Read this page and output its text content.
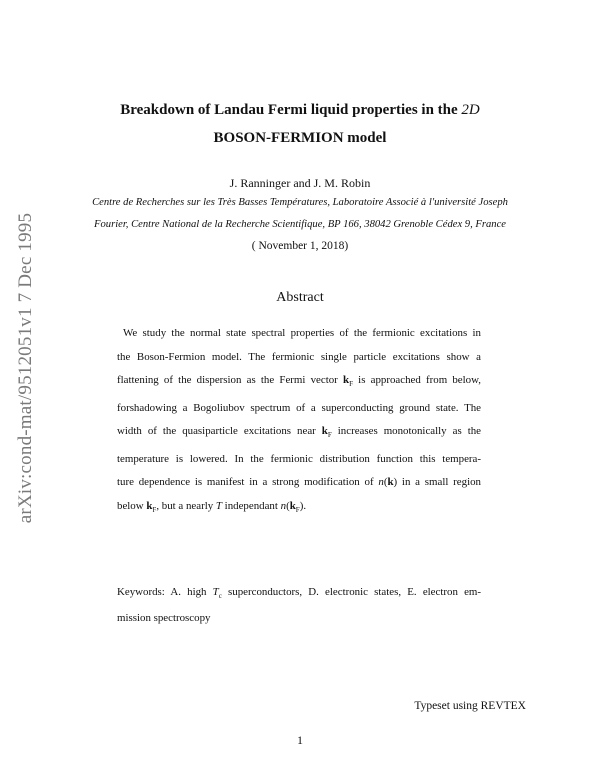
arXiv:cond-mat/9512051v1 7 Dec 1995
Breakdown of Landau Fermi liquid properties in the 2D
BOSON-FERMION model
J. Ranninger and J. M. Robin
Centre de Recherches sur les Très Basses Températures, Laboratoire Associé à l'université Joseph
Fourier, Centre National de la Recherche Scientifique, BP 166, 38042 Grenoble Cédex 9, France
( November 1, 2018)
Abstract
We study the normal state spectral properties of the fermionic excitations in
the Boson-Fermion model. The fermionic single particle excitations show a
flattening of the dispersion as the Fermi vector $k_F$ is approached from below,
forshadowing a Bogoliubov spectrum of a superconducting ground state. The
width of the quasiparticle excitations near $k_F$ increases monotonically as the
temperature is lowered. In the fermionic distribution function this tempera-
ture dependence is manifest in a strong modification of n(k) in a small region
below $k_F$, but a nearly T independant $n(k_F)$.
Keywords: A. high $T_c$ superconductors, D. electronic states, E. electron em-
mission spectroscopy
Typeset using REVTEX
1
